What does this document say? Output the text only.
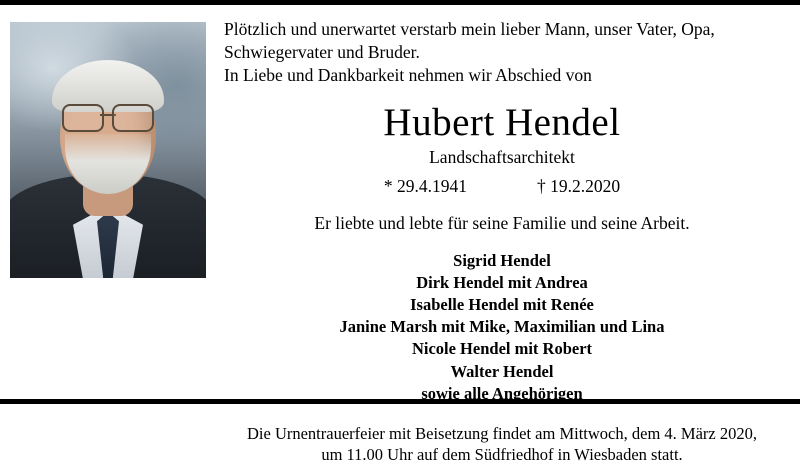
Plötzlich und unerwartet verstarb mein lieber Mann, unser Vater, Opa,
Schwiegervater und Bruder.
In Liebe und Dankbarkeit nehmen wir Abschied von
Hubert Hendel
Landschaftsarchitekt
* 29.4.1941	† 19.2.2020
Er liebte und lebte für seine Familie und seine Arbeit.
Sigrid Hendel
Dirk Hendel mit Andrea
Isabelle Hendel mit Renée
Janine Marsh mit Mike, Maximilian und Lina
Nicole Hendel mit Robert
Walter Hendel
sowie alle Angehörigen
Die Urnentrauerfeier mit Beisetzung findet am Mittwoch, dem 4. März 2020,
um 11.00 Uhr auf dem Südfriedhof in Wiesbaden statt.
